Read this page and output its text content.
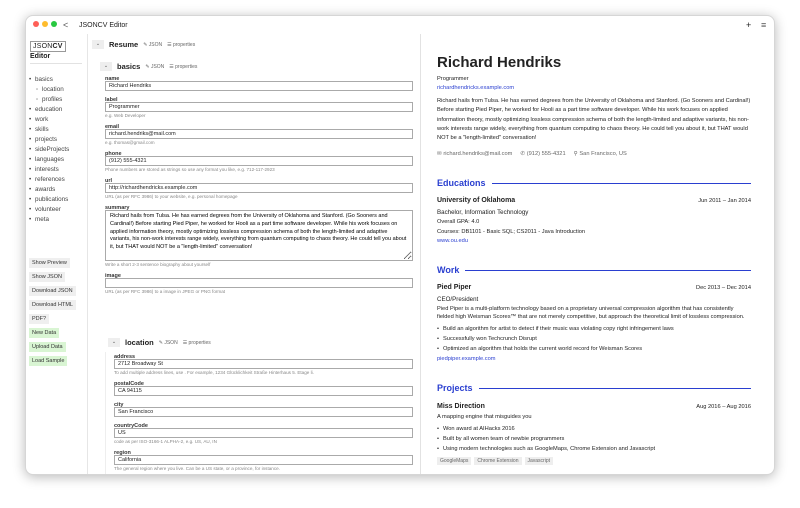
< JSONCV Editor	+ ≡
JSONCV
Editor
• basics
◦ location
◦ profiles
• education
• work
• skills
• projects
• sideProjects
• languages
• interests
• references
• awards
• publications
• volunteer
• meta
Show Preview
Show JSON
Download JSON
Download HTML
PDF?
New Data
Upload Data
Load Sample
⌄	Resume ✎ JSON ☰ properties
⌄	basics ✎ JSON ☰ properties
name
Richard Hendriks
label
Programmer
e.g. Web Developer
email
richard.hendriks@mail.com
e.g. thomas@gmail.com
phone
(912) 555-4321
Phone numbers are stored as strings so use any format you like, e.g. 712-117-2923
url
http://richardhendricks.example.com
URL (as per RFC 3986) to your website, e.g. personal homepage
summary
Richard hails from Tulsa. He has earned degrees from the University of Oklahoma and Stanford. (Go Sooners and Cardinal!) Before starting Pied Piper, he worked for Hooli as a part time software developer. While his work focuses on applied information theory, mostly optimizing lossless compression schema of both the length-limited and adaptive variants, his non-work interests range widely, everything from quantum computing to chaos theory. He could tell you about it, but THAT would NOT be a "length-limited" conversation!
Write a short 2-3 sentence biography about yourself
image
URL (as per RFC 3986) to a image in JPEG or PNG format
⌄	location ✎ JSON ☰ properties
address
2712 Broadway St
To add multiple address lines, use . For example, 1234 Glücklichkeit Straße Hinterhaus 5. Etage li.
postalCode
CA 94115
city
San Francisco
countryCode
US
code as per ISO-3166-1 ALPHA-2, e.g. US, AU, IN
region
California
The general region where you live. Can be a US state, or a province, for instance.
Richard Hendriks
Programmer
richardhendricks.example.com
Richard hails from Tulsa. He has earned degrees from the University of Oklahoma and Stanford. (Go Sooners and Cardinal!) Before starting Pied Piper, he worked for Hooli as a part time software developer. While his work focuses on applied information theory, mostly optimizing lossless compression schema of both the length-limited and adaptive variants, his non-work interests range widely, everything from quantum computing to chaos theory. He could tell you about it, but THAT would NOT be a "length-limited" conversation!
✉ richard.hendriks@mail.com ✆ (912) 555-4321 ⚲ San Francisco, US
Educations
University of Oklahoma	Jun 2011 – Jan 2014
Bachelor, Information Technology
Overall GPA: 4.0
Courses: DB1101 - Basic SQL; CS2011 - Java Introduction
www.ou.edu
Work
Pied Piper	Dec 2013 – Dec 2014
CEO/President
Pied Piper is a multi-platform technology based on a proprietary universal compression algorithm that has consistently fielded high Weisman Scores™ that are not merely competitive, but approach the theoretical limit of lossless compression.
• Build an algorithm for artist to detect if their music was violating copy right infringement laws
• Successfully won Techcrunch Disrupt
• Optimized an algorithm that holds the current world record for Weisman Scores
piedpiper.example.com
Projects
Miss Direction	Aug 2016 – Aug 2016
A mapping engine that misguides you
• Won award at AIHacks 2016
• Built by all women team of newbie programmers
• Using modern technologies such as GoogleMaps, Chrome Extension and Javascript
GoogleMaps Chrome Extension Javascript
